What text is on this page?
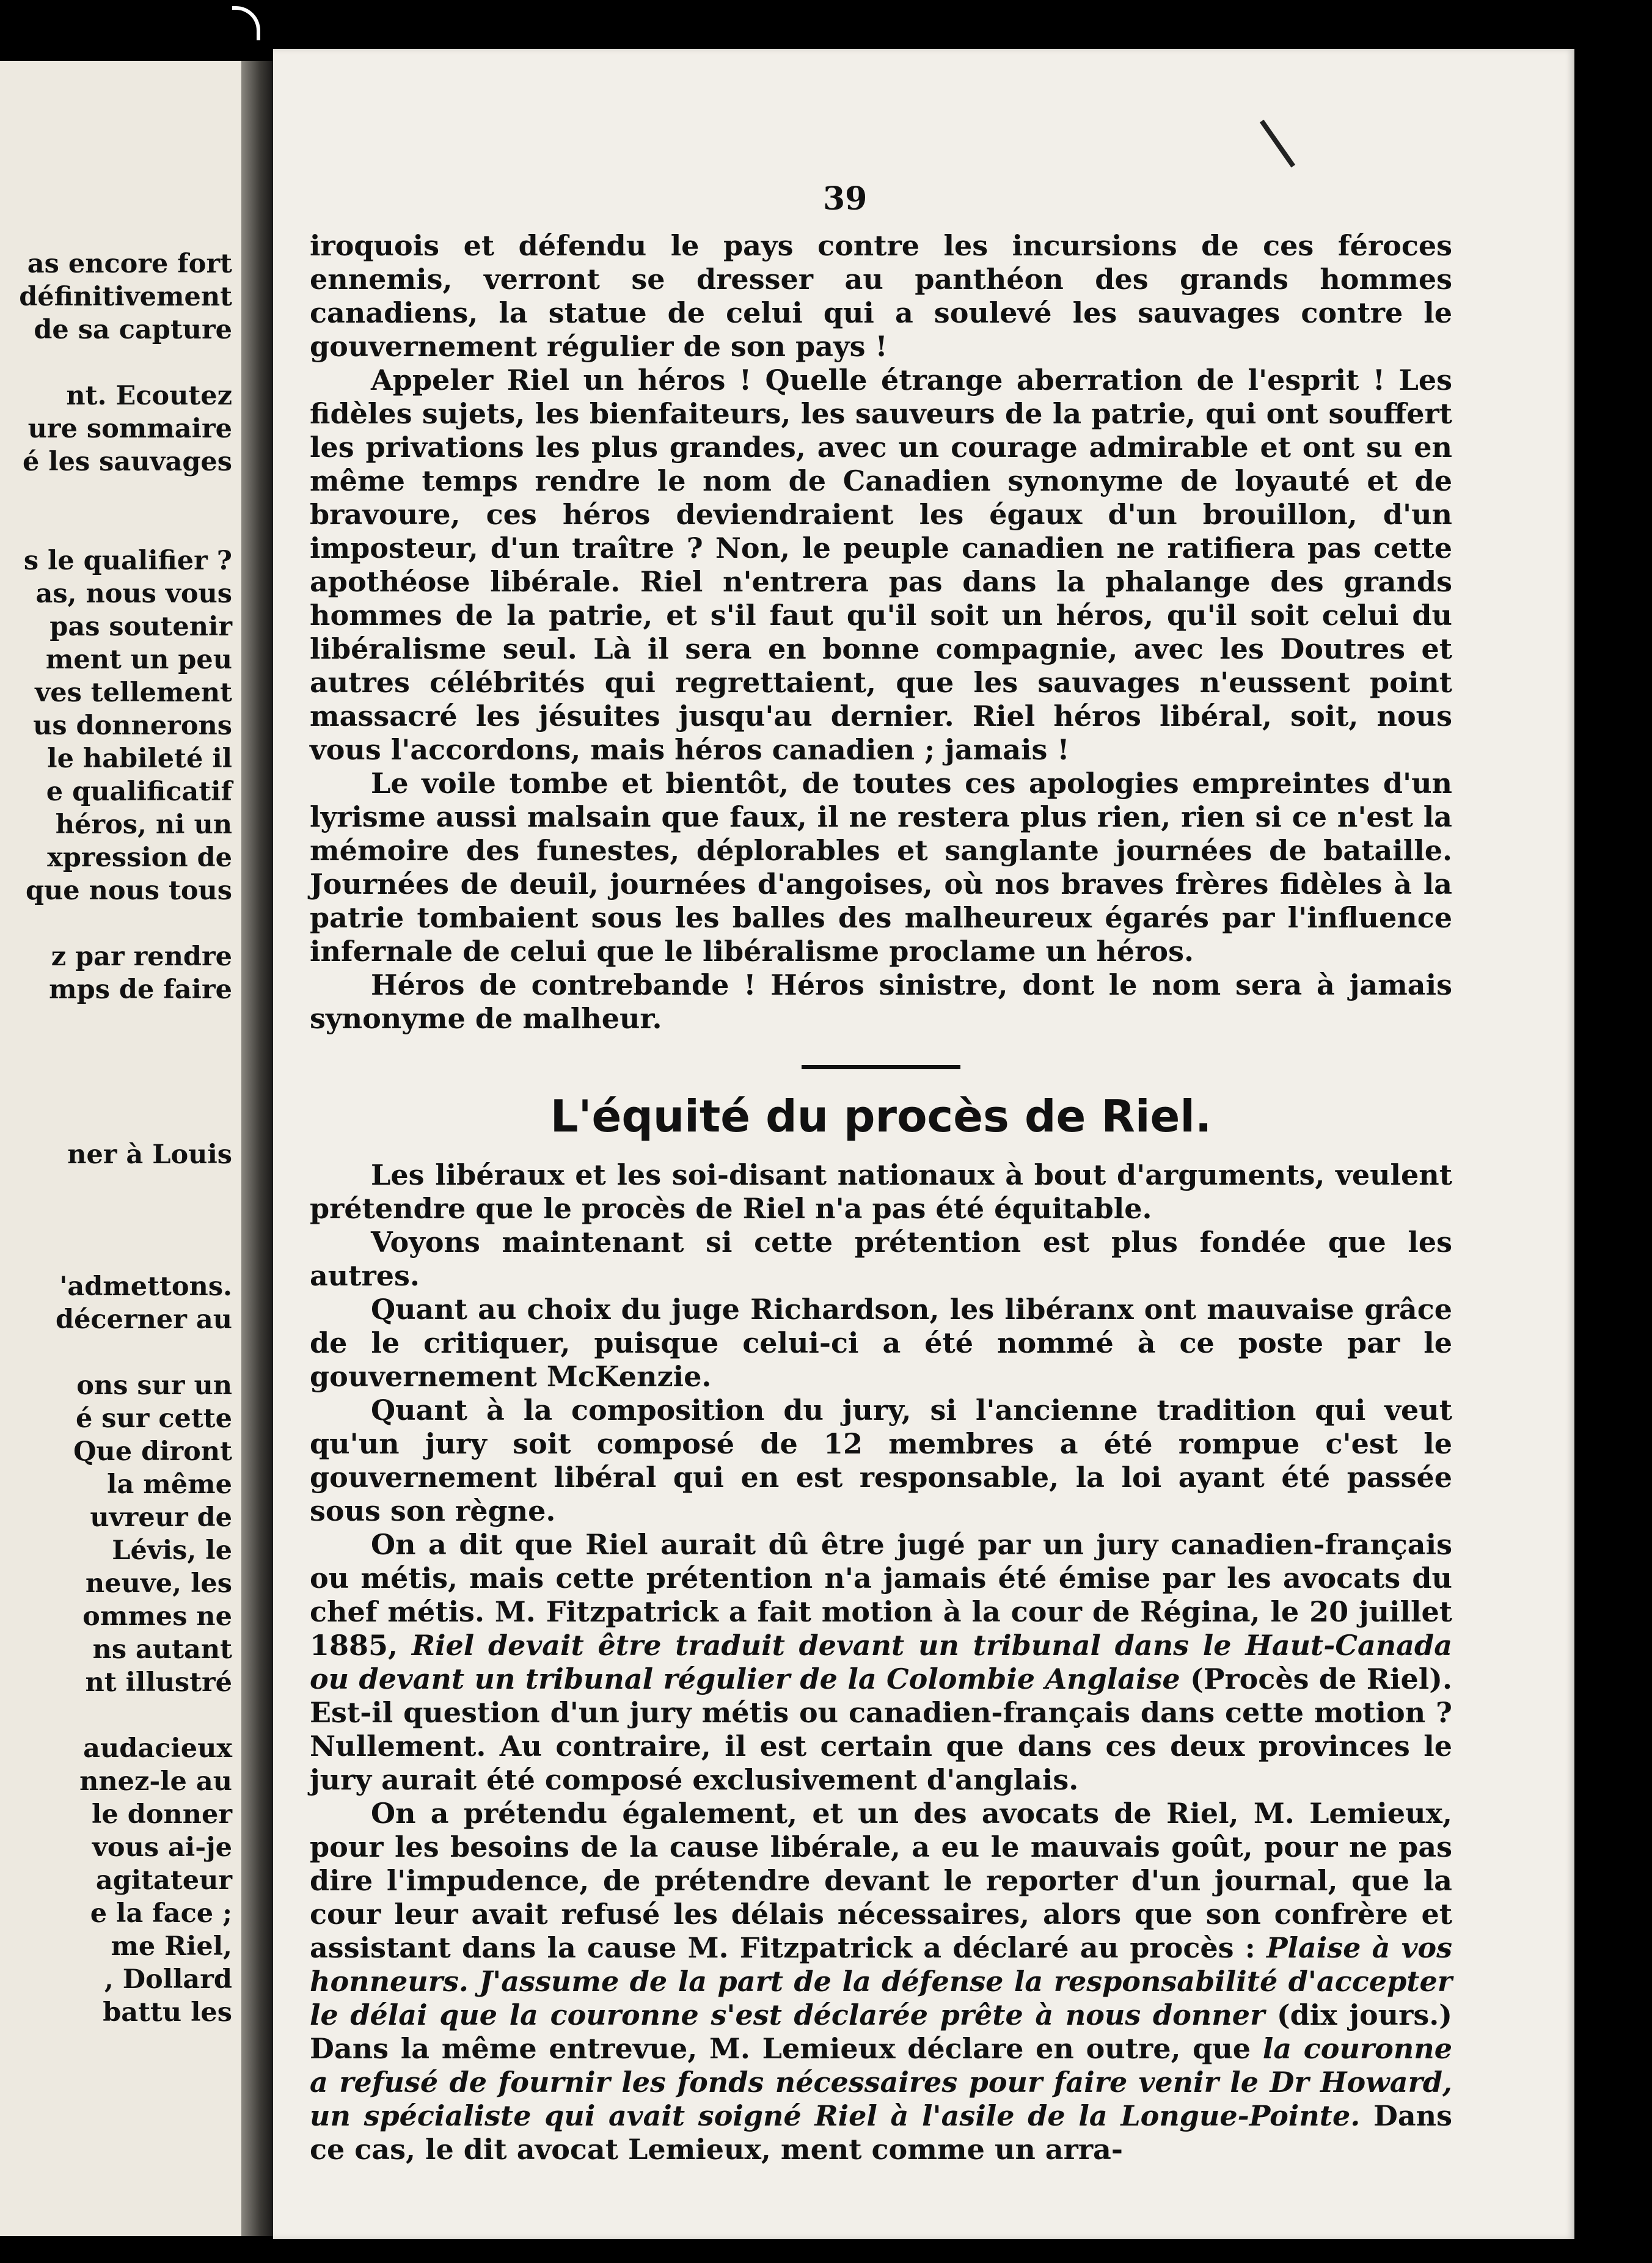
as encore fort
définitivement
de sa capture
nt. Ecoutez
ure sommaire
é les sauvages
s le qualifier ?
as, nous vous
pas soutenir
ment un peu
ves tellement
us donnerons
le habileté il
e qualificatif
héros, ni un
xpression de
que nous tous
z par rendre
mps de faire
ner à Louis
'admettons.
décerner au
ons sur un
é sur cette
Que diront
la même
uvreur de
Lévis, le
neuve, les
ommes ne
ns autant
nt illustré
audacieux
nnez-le au
le donner
vous ai-je
agitateur
e la face ;
me Riel,
, Dollard
battu les
39

iroquois et défendu le pays contre les incursions de ces féroces ennemis, verront se dresser au panthéon des grands hommes canadiens, la statue de celui qui a soulevé les sauvages contre le gouvernement régulier de son pays !

Appeler Riel un héros ! Quelle étrange aberration de l'esprit ! Les fidèles sujets, les bienfaiteurs, les sauveurs de la patrie, qui ont souffert les privations les plus grandes, avec un courage admirable et ont su en même temps rendre le nom de Canadien synonyme de loyauté et de bravoure, ces héros deviendraient les égaux d'un brouillon, d'un imposteur, d'un traître ? Non, le peuple canadien ne ratifiera pas cette apothéose libérale. Riel n'entrera pas dans la phalange des grands hommes de la patrie, et s'il faut qu'il soit un héros, qu'il soit celui du libéralisme seul. Là il sera en bonne compagnie, avec les Doutres et autres célébrités qui regrettaient, que les sauvages n'eussent point massacré les jésuites jusqu'au dernier. Riel héros libéral, soit, nous vous l'accordons, mais héros canadien ; jamais !

Le voile tombe et bientôt, de toutes ces apologies empreintes d'un lyrisme aussi malsain que faux, il ne restera plus rien, rien si ce n'est la mémoire des funestes, déplorables et sanglante journées de bataille. Journées de deuil, journées d'angoises, où nos braves frères fidèles à la patrie tombaient sous les balles des malheureux égarés par l'influence infernale de celui que le libéralisme proclame un héros.

Héros de contrebande ! Héros sinistre, dont le nom sera à jamais synonyme de malheur.

L'équité du procès de Riel.

Les libéraux et les soi-disant nationaux à bout d'arguments, veulent prétendre que le procès de Riel n'a pas été équitable.

Voyons maintenant si cette prétention est plus fondée que les autres.

Quant au choix du juge Richardson, les libéranx ont mauvaise grâce de le critiquer, puisque celui-ci a été nommé à ce poste par le gouvernement McKenzie.

Quant à la composition du jury, si l'ancienne tradition qui veut qu'un jury soit composé de 12 membres a été rompue c'est le gouvernement libéral qui en est responsable, la loi ayant été passée sous son règne.

On a dit que Riel aurait dû être jugé par un jury canadien-français ou métis, mais cette prétention n'a jamais été émise par les avocats du chef métis. M. Fitzpatrick a fait motion à la cour de Régina, le 20 juillet 1885, Riel devait être traduit devant un tribunal dans le Haut-Canada ou devant un tribunal régulier de la Colombie Anglaise (Procès de Riel). Est-il question d'un jury métis ou canadien-français dans cette motion ? Nullement. Au contraire, il est certain que dans ces deux provinces le jury aurait été composé exclusivement d'anglais.

On a prétendu également, et un des avocats de Riel, M. Lemieux, pour les besoins de la cause libérale, a eu le mauvais goût, pour ne pas dire l'impudence, de prétendre devant le reporter d'un journal, que la cour leur avait refusé les délais nécessaires, alors que son confrère et assistant dans la cause M. Fitzpatrick a déclaré au procès : Plaise à vos honneurs. J'assume de la part de la défense la responsabilité d'accepter le délai que la couronne s'est déclarée prête à nous donner (dix jours.) Dans la même entrevue, M. Lemieux déclare en outre, que la couronne a refusé de fournir les fonds nécessaires pour faire venir le Dr Howard, un spécialiste qui avait soigné Riel à l'asile de la Longue-Pointe. Dans ce cas, le dit avocat Lemieux, ment comme un arra-
